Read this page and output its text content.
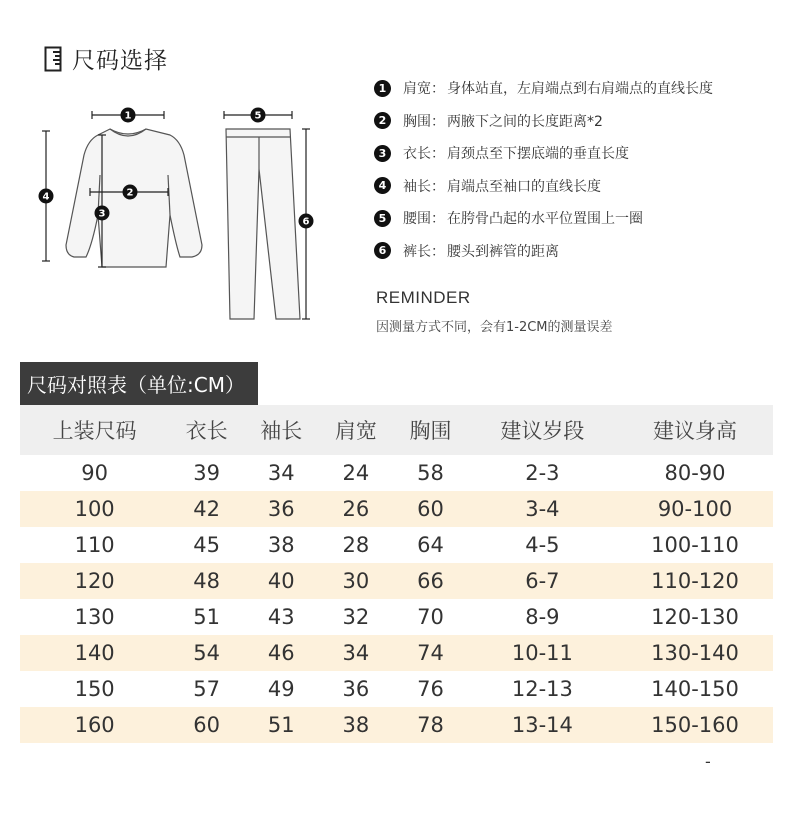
尺码选择
1
2
3
4
5
6
1	肩宽： 身体站直，左肩端点到右肩端点的直线长度
2	胸围： 两腋下之间的长度距离*2
3	衣长： 肩颈点至下摆底端的垂直长度
4	袖长： 肩端点至袖口的直线长度
5	腰围： 在胯骨凸起的水平位置围上一圈
6	裤长： 腰头到裤管的距离
REMINDER
因测量方式不同，会有1-2CM的测量误差
尺码对照表（单位:CM）
上装尺码	衣长	袖长	肩宽	胸围	建议岁段	建议身高
90	39	34	24	58	2-3	80-90
100	42	36	26	60	3-4	90-100
110	45	38	28	64	4-5	100-110
120	48	40	30	66	6-7	110-120
130	51	43	32	70	8-9	120-130
140	54	46	34	74	10-11	130-140
150	57	49	36	76	12-13	140-150
160	60	51	38	78	13-14	150-160
-
